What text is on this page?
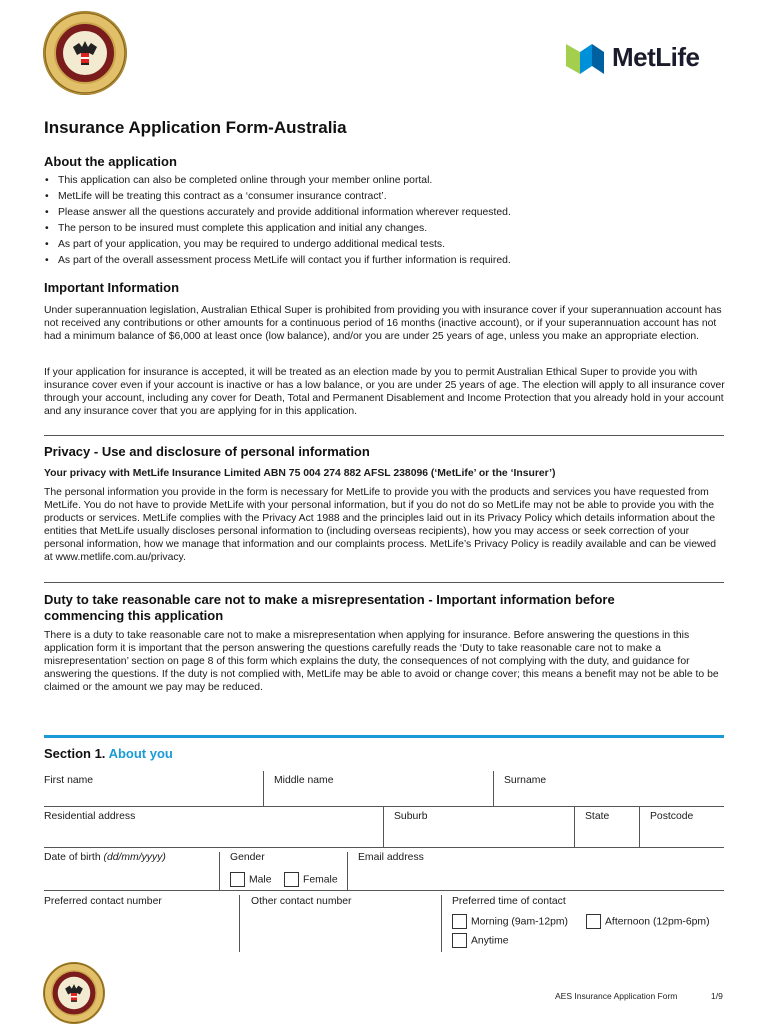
MetLife
Insurance Application Form-Australia
About the application
• This application can also be completed online through your member online portal.
• MetLife will be treating this contract as a ‘consumer insurance contract’.
• Please answer all the questions accurately and provide additional information wherever requested.
• The person to be insured must complete this application and initial any changes.
• As part of your application, you may be required to undergo additional medical tests.
• As part of the overall assessment process MetLife will contact you if further information is required.
Important Information

Under superannuation legislation, Australian Ethical Super is prohibited from providing you with insurance cover if your superannuation account has not received any contributions or other amounts for a continuous period of 16 months (inactive account), or if your superannuation account has not had a minimum balance of $6,000 at least once (low balance), and/or you are under 25 years of age, unless you make an appropriate election.

If your application for insurance is accepted, it will be treated as an election made by you to permit Australian Ethical Super to provide you with insurance cover even if your account is inactive or has a low balance, or you are under 25 years of age. The election will apply to all insurance cover through your account, including any cover for Death, Total and Permanent Disablement and Income Protection that you already hold in your account and any insurance cover that you are applying for in this application.

Privacy - Use and disclosure of personal information

Your privacy with MetLife Insurance Limited ABN 75 004 274 882 AFSL 238096 (‘MetLife’ or the ‘Insurer’)

The personal information you provide in the form is necessary for MetLife to provide you with the products and services you have requested from MetLife. You do not have to provide MetLife with your personal information, but if you do not do so MetLife may not be able to provide you with the products or services. MetLife complies with the Privacy Act 1988 and the principles laid out in its Privacy Policy which details information about the entities that MetLife usually discloses personal information to (including overseas recipients), how you may access or seek correction of your personal information, how we manage that information and our complaints process. MetLife’s Privacy Policy is readily available and can be viewed at www.metlife.com.au/privacy.

Duty to take reasonable care not to make a misrepresentation - Important information before
commencing this application

There is a duty to take reasonable care not to make a misrepresentation when applying for insurance. Before answering the questions in this application form it is important that the person answering the questions carefully reads the ‘Duty to take reasonable care not to make a misrepresentation’ section on page 8 of this form which explains the duty, the consequences of not complying with the duty, and guidance for answering the questions. If the duty is not complied with, MetLife may be able to avoid or change cover; this means a benefit may not be able to be claimed or the amount we pay may be reduced.

Section 1. About you
First name	Middle name	Surname
Residential address	Suburb	State	Postcode
Date of birth (dd/mm/yyyy)	Gender
Male	Female
Email address
Preferred contact number	Other contact number	Preferred time of contact
Morning (9am-12pm)	Afternoon (12pm-6pm)
Anytime
AES Insurance Application Form	1/9
